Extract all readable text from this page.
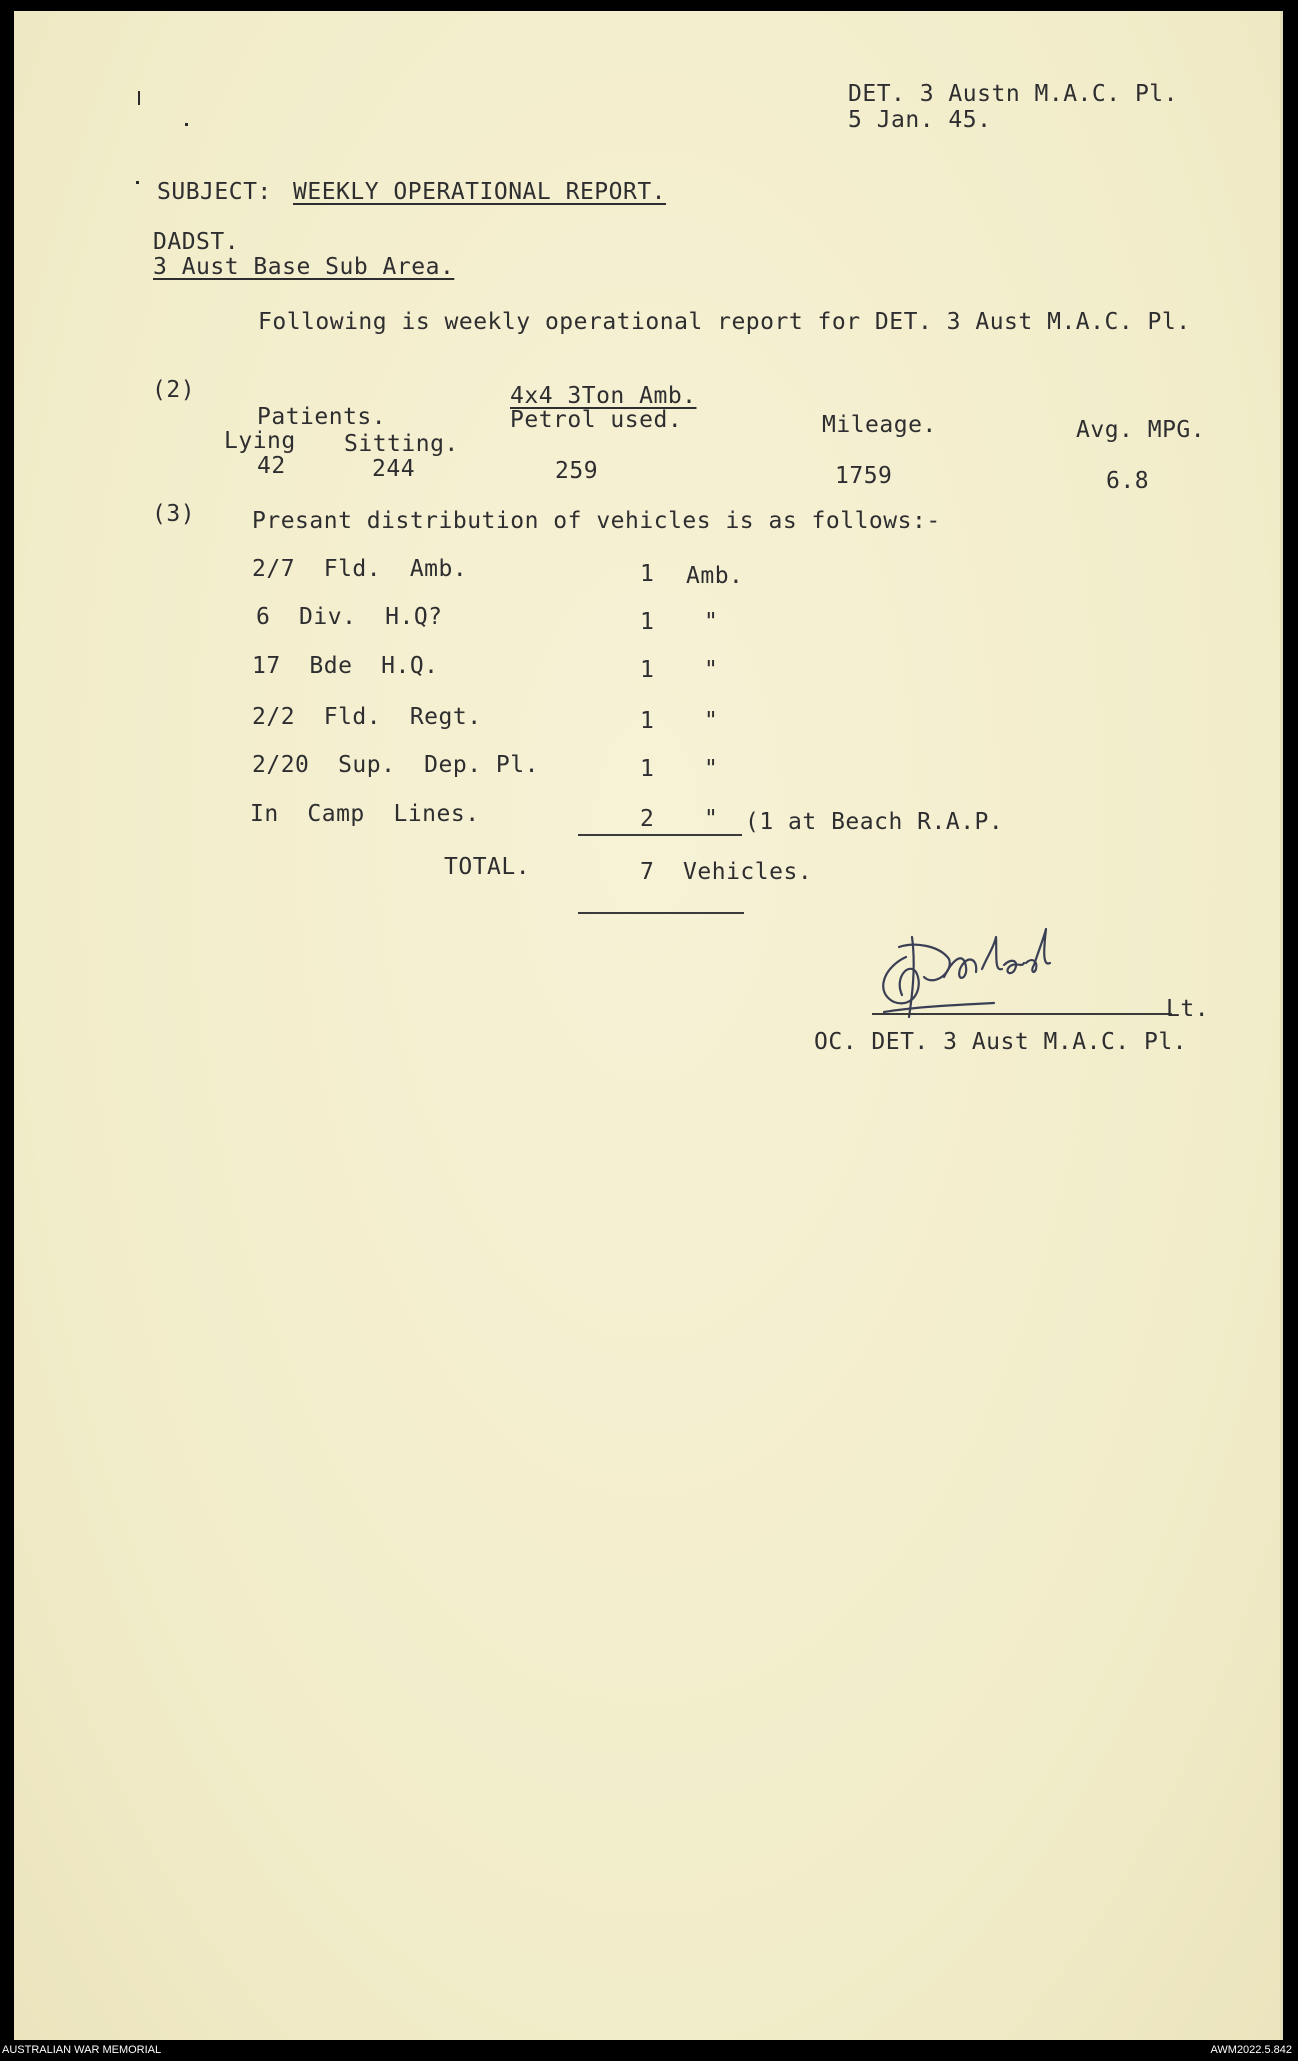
DET. 3 Austn M.A.C. Pl.
5 Jan. 45.
SUBJECT: WEEKLY OPERATIONAL REPORT.
DADST.
3 Aust Base Sub Area.
Following is weekly operational report for DET. 3 Aust M.A.C. Pl.
(2)	4x4 3Ton Amb.
Patients.	Petrol used.	Mileage.	Avg. MPG.
Lying Sitting.
42	244	259	1759	6.8
(3) Presant distribution of vehicles is as follows:-
2/7  Fld.  Amb.	1 Amb.
6  Div.  H.Q?	1 "
17  Bde  H.Q.	1 "
2/2  Fld.  Regt.	1 "
2/20  Sup.  Dep. Pl.	1 "
In  Camp  Lines.	2 " (1 at Beach R.A.P.
TOTAL.	7  Vehicles.
Lt.
OC. DET. 3 Aust M.A.C. Pl.
AUSTRALIAN WAR MEMORIAL	AWM2022.5.842
